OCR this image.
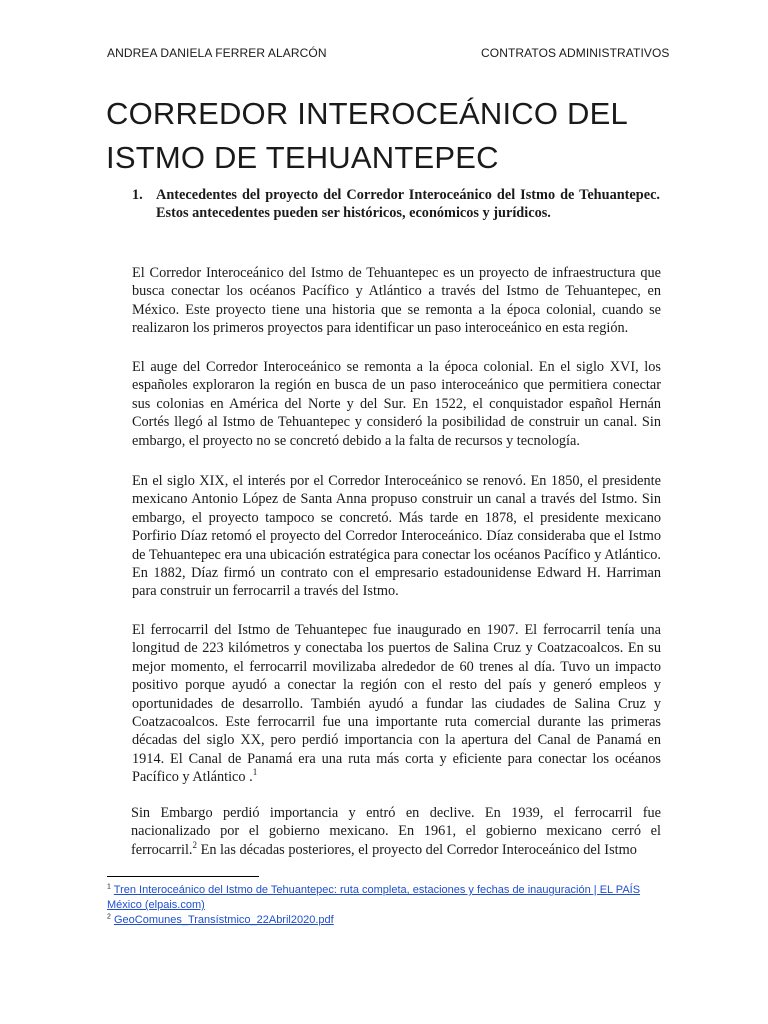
ANDREA DANIELA FERRER ALARCÓN	CONTRATOS ADMINISTRATIVOS
CORREDOR INTEROCEÁNICO DEL ISTMO DE TEHUANTEPEC
1. Antecedentes del proyecto del Corredor Interoceánico del Istmo de Tehuantepec. Estos antecedentes pueden ser históricos, económicos y jurídicos.

El Corredor Interoceánico del Istmo de Tehuantepec es un proyecto de infraestructura que busca conectar los océanos Pacífico y Atlántico a través del Istmo de Tehuantepec, en México. Este proyecto tiene una historia que se remonta a la época colonial, cuando se realizaron los primeros proyectos para identificar un paso interoceánico en esta región.

El auge del Corredor Interoceánico se remonta a la época colonial. En el siglo XVI, los españoles exploraron la región en busca de un paso interoceánico que permitiera conectar sus colonias en América del Norte y del Sur. En 1522, el conquistador español Hernán Cortés llegó al Istmo de Tehuantepec y consideró la posibilidad de construir un canal. Sin embargo, el proyecto no se concretó debido a la falta de recursos y tecnología.

En el siglo XIX, el interés por el Corredor Interoceánico se renovó. En 1850, el presidente mexicano Antonio López de Santa Anna propuso construir un canal a través del Istmo. Sin embargo, el proyecto tampoco se concretó. Más tarde en 1878, el presidente mexicano Porfirio Díaz retomó el proyecto del Corredor Interoceánico. Díaz consideraba que el Istmo de Tehuantepec era una ubicación estratégica para conectar los océanos Pacífico y Atlántico. En 1882, Díaz firmó un contrato con el empresario estadounidense Edward H. Harriman para construir un ferrocarril a través del Istmo.

El ferrocarril del Istmo de Tehuantepec fue inaugurado en 1907. El ferrocarril tenía una longitud de 223 kilómetros y conectaba los puertos de Salina Cruz y Coatzacoalcos. En su mejor momento, el ferrocarril movilizaba alrededor de 60 trenes al día. Tuvo un impacto positivo porque ayudó a conectar la región con el resto del país y generó empleos y oportunidades de desarrollo. También ayudó a fundar las ciudades de Salina Cruz y Coatzacoalcos. Este ferrocarril fue una importante ruta comercial durante las primeras décadas del siglo XX, pero perdió importancia con la apertura del Canal de Panamá en 1914. El Canal de Panamá era una ruta más corta y eficiente para conectar los océanos Pacífico y Atlántico .$^1$

Sin Embargo perdió importancia y entró en declive. En 1939, el ferrocarril fue nacionalizado por el gobierno mexicano. En 1961, el gobierno mexicano cerró el ferrocarril.$^2$ En las décadas posteriores, el proyecto del Corredor Interoceánico del Istmo

$^1$ Tren Interoceánico del Istmo de Tehuantepec: ruta completa, estaciones y fechas de inauguración | EL PAÍS México (elpais.com)

$^2$ GeoComunes_Transístmico_22Abril2020.pdf
